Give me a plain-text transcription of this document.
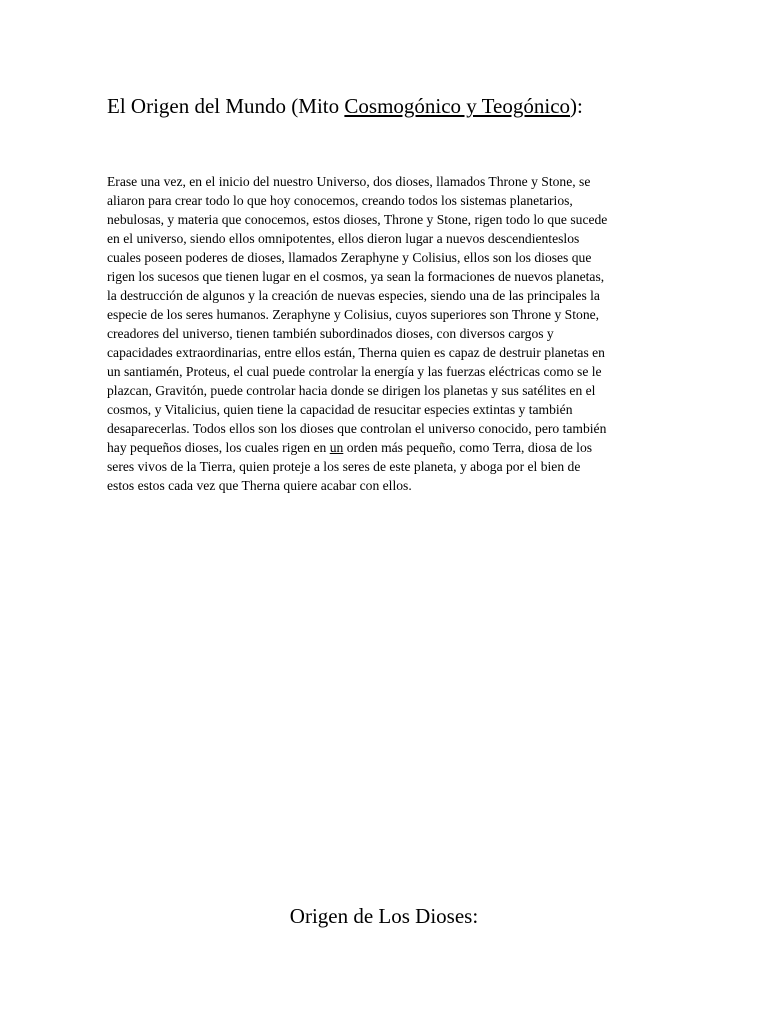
El Origen del Mundo (Mito Cosmogónico y Teogónico):
Erase una vez, en el inicio del nuestro Universo, dos dioses, llamados Throne y Stone, se
aliaron para crear todo lo que hoy conocemos, creando todos los sistemas planetarios,
nebulosas, y materia que conocemos, estos dioses, Throne y Stone, rigen todo lo que sucede
en el universo, siendo ellos omnipotentes, ellos dieron lugar a nuevos descendienteslos
cuales poseen poderes de dioses, llamados Zeraphyne y Colisius, ellos son los dioses que
rigen los sucesos que tienen lugar en el cosmos, ya sean la formaciones de nuevos planetas,
la destrucción de algunos y la creación de nuevas especies, siendo una de las principales la
especie de los seres humanos. Zeraphyne y Colisius, cuyos superiores son Throne y Stone,
creadores del universo, tienen también subordinados dioses, con diversos cargos y
capacidades extraordinarias, entre ellos están, Therna quien es capaz de destruir planetas en
un santiamén, Proteus, el cual puede controlar la energía y las fuerzas eléctricas como se le
plazcan, Gravitón, puede controlar hacia donde se dirigen los planetas y sus satélites en el
cosmos, y Vitalicius, quien tiene la capacidad de resucitar especies extintas y también
desaparecerlas. Todos ellos son los dioses que controlan el universo conocido, pero también
hay pequeños dioses, los cuales rigen en un orden más pequeño, como Terra, diosa de los
seres vivos de la Tierra, quien proteje a los seres de este planeta, y aboga por el bien de
estos estos cada vez que Therna quiere acabar con ellos.
Origen de Los Dioses:
